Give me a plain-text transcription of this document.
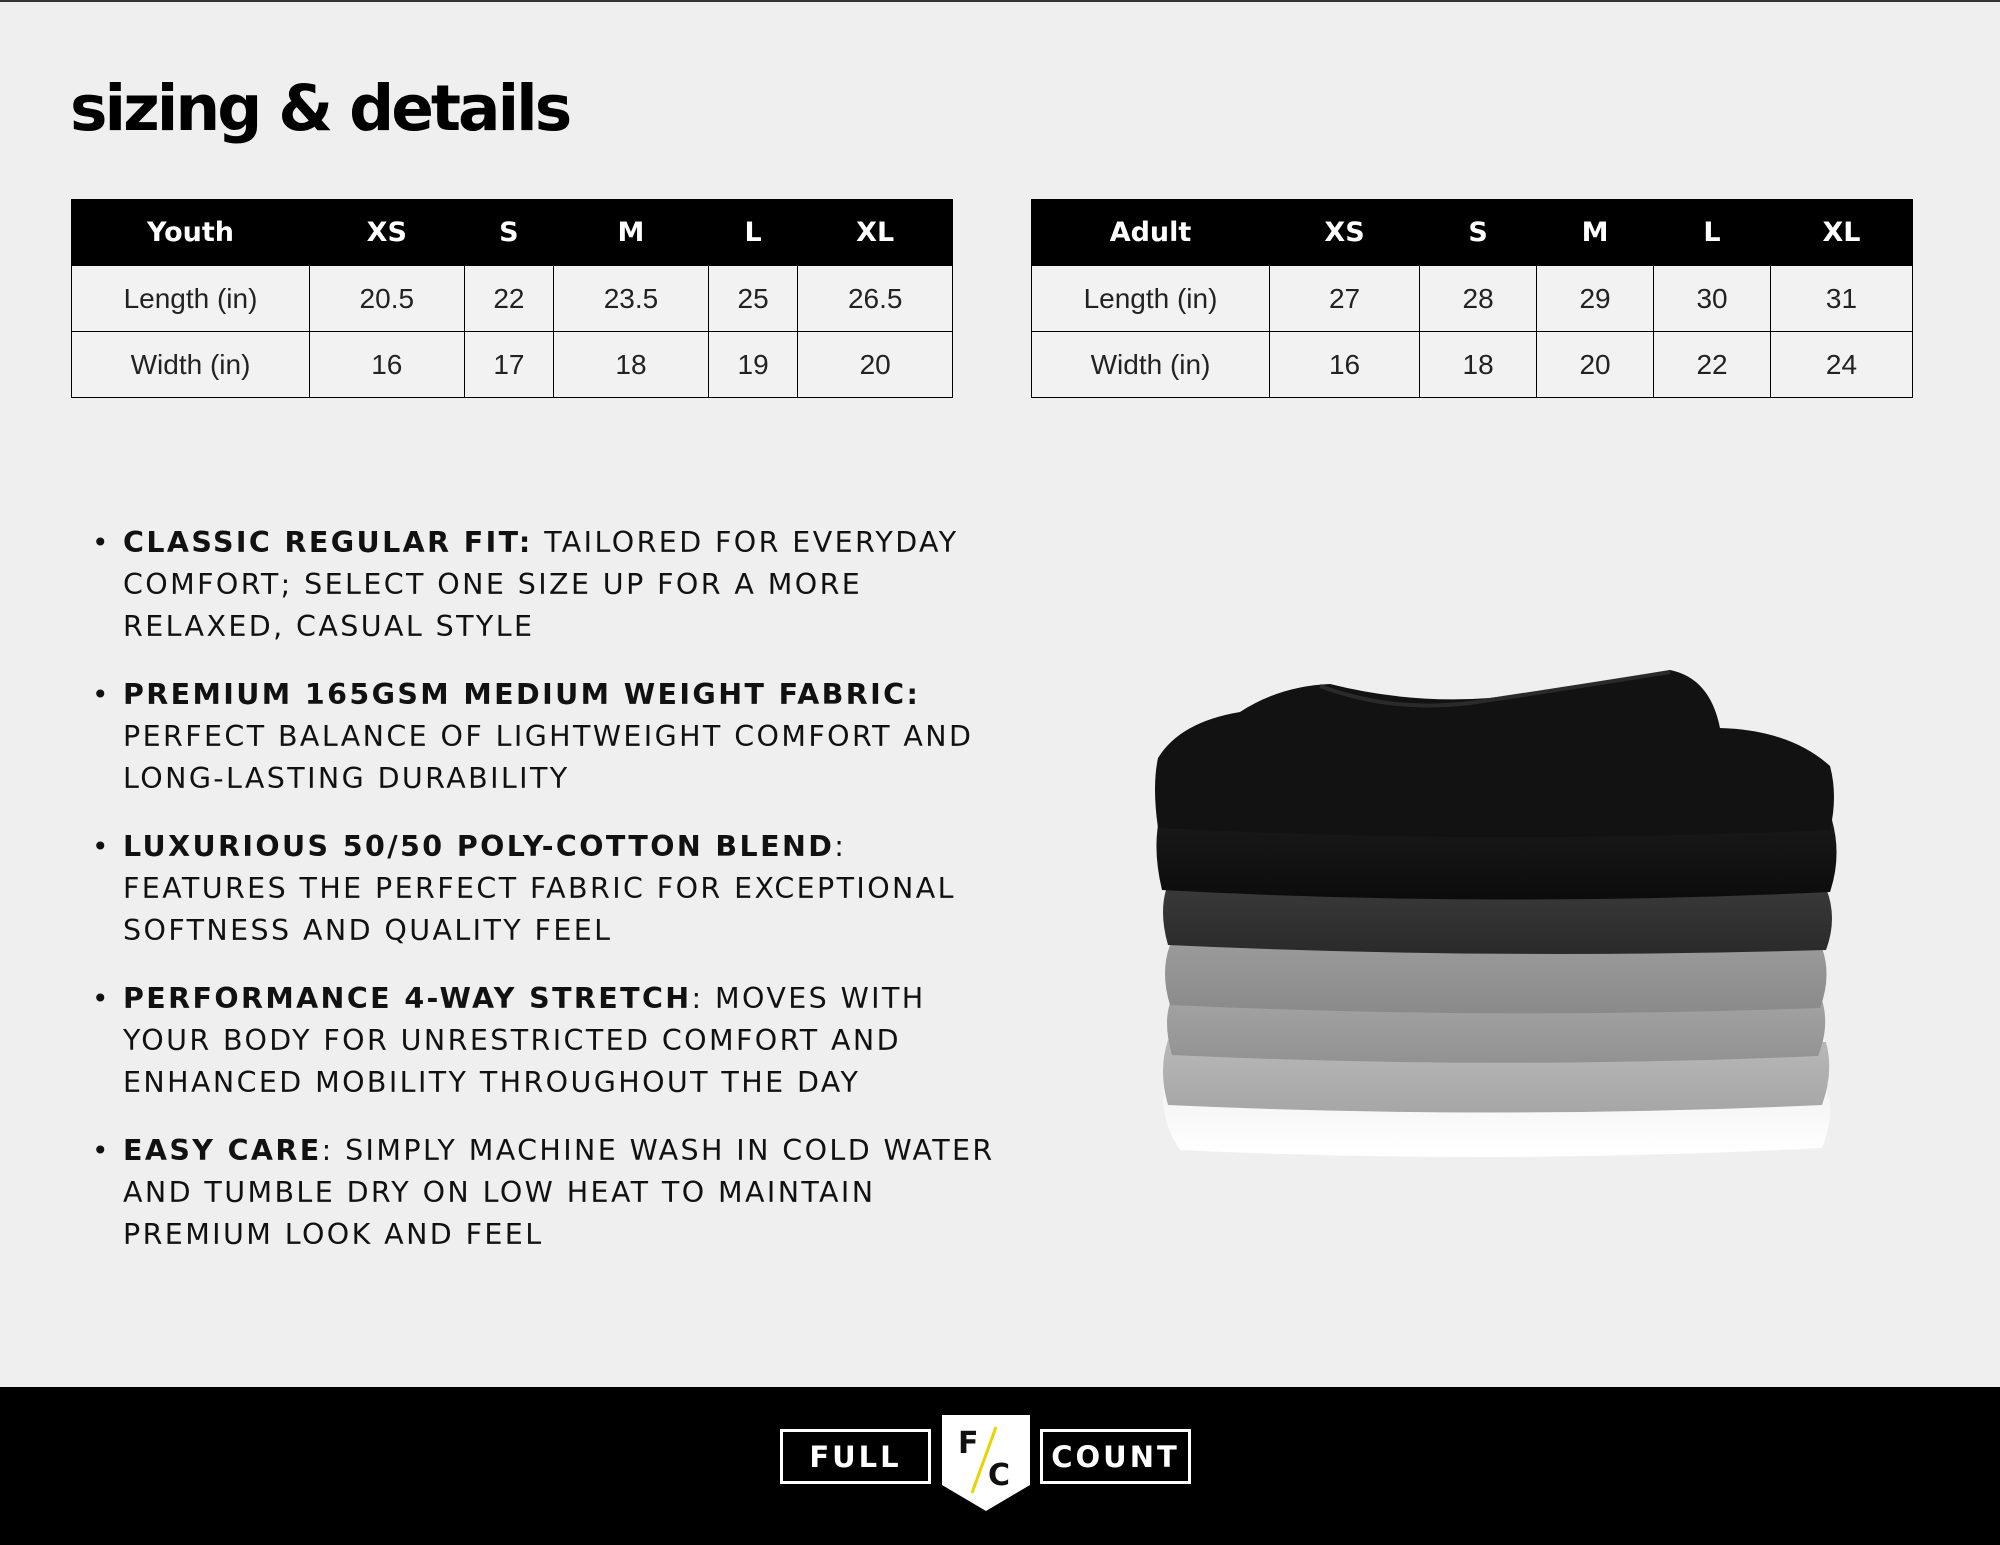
sizing & details
Youth	XS	S	M	L	XL
Length (in)	20.5	22	23.5	25	26.5
Width (in)	16	17	18	19	20
Adult	XS	S	M	L	XL
Length (in)	27	28	29	30	31
Width (in)	16	18	20	22	24
• CLASSIC REGULAR FIT: TAILORED FOR EVERYDAY COMFORT; SELECT ONE SIZE UP FOR A MORE RELAXED, CASUAL STYLE
• PREMIUM 165GSM MEDIUM WEIGHT FABRIC: PERFECT BALANCE OF LIGHTWEIGHT COMFORT AND LONG-LASTING DURABILITY
• LUXURIOUS 50/50 POLY-COTTON BLEND: FEATURES THE PERFECT FABRIC FOR EXCEPTIONAL SOFTNESS AND QUALITY FEEL
• PERFORMANCE 4-WAY STRETCH: MOVES WITH YOUR BODY FOR UNRESTRICTED COMFORT AND ENHANCED MOBILITY THROUGHOUT THE DAY
• EASY CARE: SIMPLY MACHINE WASH IN COLD WATER AND TUMBLE DRY ON LOW HEAT TO MAINTAIN PREMIUM LOOK AND FEEL
FULL	F
C
COUNT
